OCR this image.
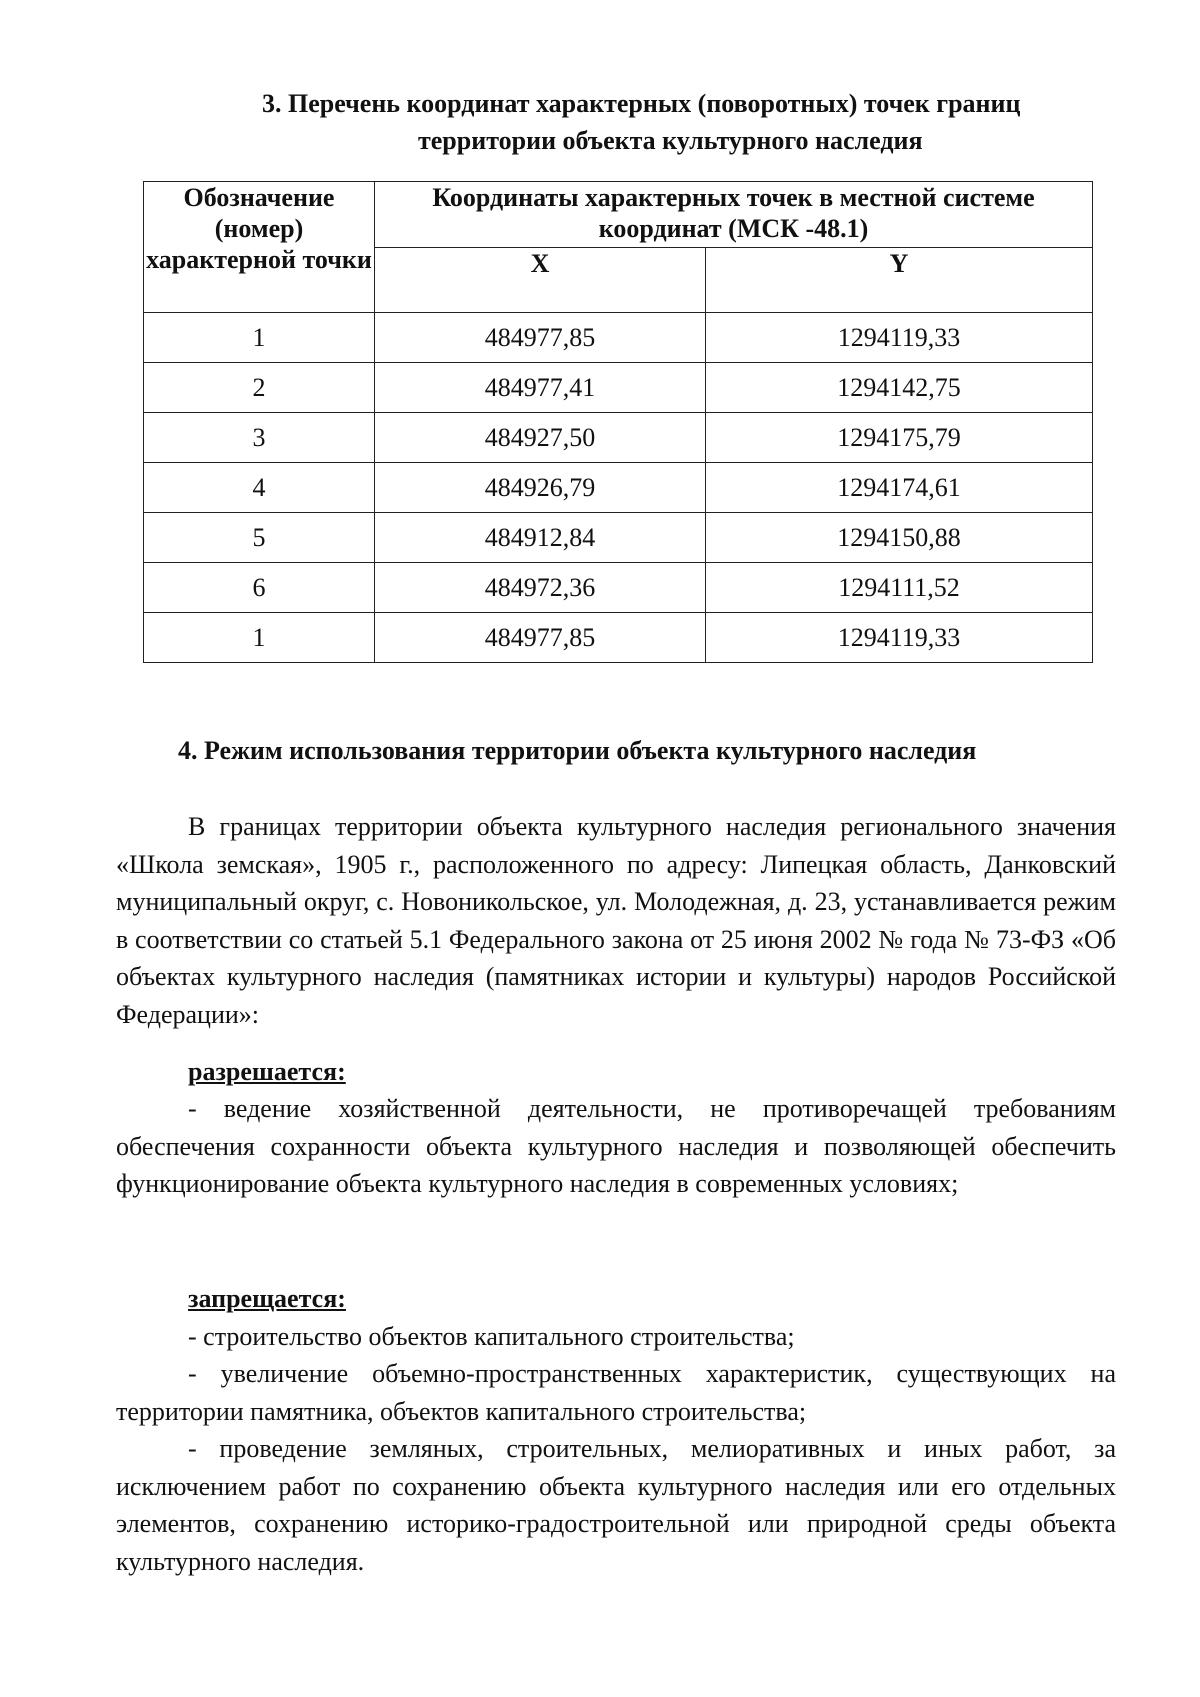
3. Перечень координат характерных (поворотных) точек границ
территории объекта культурного наследия
Обозначение (номер) характерной точки	Координаты характерных точек в местной системе координат (МСК -48.1)	
	X	Y
1	484977,85	1294119,33
2	484977,41	1294142,75
3	484927,50	1294175,79
4	484926,79	1294174,61
5	484912,84	1294150,88
6	484972,36	1294111,52
1	484977,85	1294119,33
4. Режим использования территории объекта культурного наследия

В границах территории объекта культурного наследия регионального значения «Школа земская», 1905 г., расположенного по адресу: Липецкая область, Данковский муниципальный округ, с. Новоникольское, ул. Молодежная, д. 23, устанавливается режим в соответствии со статьей 5.1 Федерального закона от 25 июня 2002 № года № 73-ФЗ «Об объектах культурного наследия (памятниках истории и культуры) народов Российской Федерации»:

разрешается:

- ведение хозяйственной деятельности, не противоречащей требованиям обеспечения сохранности объекта культурного наследия и позволяющей обеспечить функционирование объекта культурного наследия в современных условиях;

запрещается:

- строительство объектов капитального строительства;

- увеличение объемно-пространственных характеристик, существующих на территории памятника, объектов капитального строительства;

- проведение земляных, строительных, мелиоративных и иных работ, за исключением работ по сохранению объекта культурного наследия или его отдельных элементов, сохранению историко-градостроительной или природной среды объекта культурного наследия.
